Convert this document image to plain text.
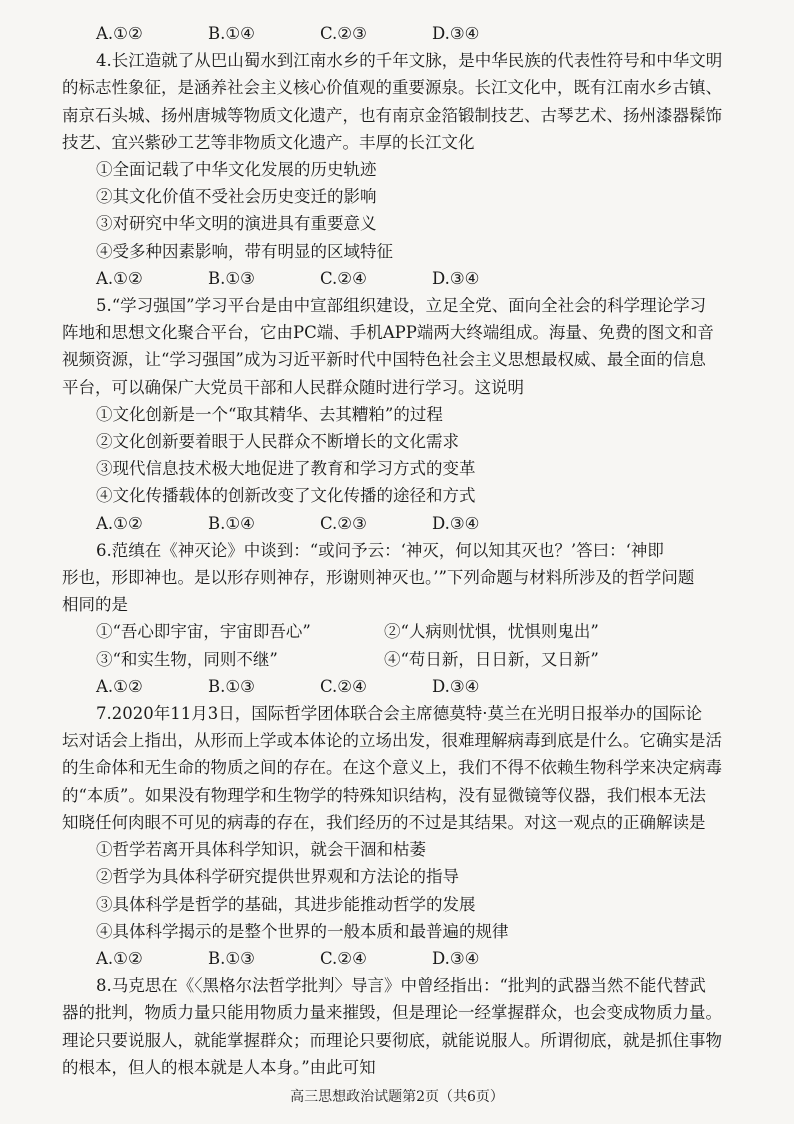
A.①②	B.①④	C.②③	D.③④
4.长江造就了从巴山蜀水到江南水乡的千年文脉，是中华民族的代表性符号和中华文明
的标志性象征，是涵养社会主义核心价值观的重要源泉。长江文化中，既有江南水乡古镇、
南京石头城、扬州唐城等物质文化遗产，也有南京金箔锻制技艺、古琴艺术、扬州漆器髹饰
技艺、宜兴紫砂工艺等非物质文化遗产。丰厚的长江文化
①全面记载了中华文化发展的历史轨迹
②其文化价值不受社会历史变迁的影响
③对研究中华文明的演进具有重要意义
④受多种因素影响，带有明显的区域特征
A.①②	B.①③	C.②④	D.③④
5.“学习强国”学习平台是由中宣部组织建设，立足全党、面向全社会的科学理论学习
阵地和思想文化聚合平台，它由PC端、手机APP端两大终端组成。海量、免费的图文和音
视频资源，让“学习强国”成为习近平新时代中国特色社会主义思想最权威、最全面的信息
平台，可以确保广大党员干部和人民群众随时进行学习。这说明
①文化创新是一个“取其精华、去其糟粕”的过程
②文化创新要着眼于人民群众不断增长的文化需求
③现代信息技术极大地促进了教育和学习方式的变革
④文化传播载体的创新改变了文化传播的途径和方式
A.①②	B.①④	C.②③	D.③④
6.范缜在《神灭论》中谈到：“或问予云：‘神灭，何以知其灭也？’答曰：‘神即
形也，形即神也。是以形存则神存，形谢则神灭也。’”下列命题与材料所涉及的哲学问题
相同的是
①“吾心即宇宙，宇宙即吾心”	②“人病则忧惧，忧惧则鬼出”
③“和实生物，同则不继”	④“苟日新，日日新，又日新”
A.①②	B.①③	C.②④	D.③④
7.2020年11月3日，国际哲学团体联合会主席德莫特·莫兰在光明日报举办的国际论
坛对话会上指出，从形而上学或本体论的立场出发，很难理解病毒到底是什么。它确实是活
的生命体和无生命的物质之间的存在。在这个意义上，我们不得不依赖生物科学来决定病毒
的“本质”。如果没有物理学和生物学的特殊知识结构，没有显微镜等仪器，我们根本无法
知晓任何肉眼不可见的病毒的存在，我们经历的不过是其结果。对这一观点的正确解读是
①哲学若离开具体科学知识，就会干涸和枯萎
②哲学为具体科学研究提供世界观和方法论的指导
③具体科学是哲学的基础，其进步能推动哲学的发展
④具体科学揭示的是整个世界的一般本质和最普遍的规律
A.①②	B.①③	C.②④	D.③④
8.马克思在《〈黑格尔法哲学批判〉导言》中曾经指出：“批判的武器当然不能代替武
器的批判，物质力量只能用物质力量来摧毁，但是理论一经掌握群众，也会变成物质力量。
理论只要说服人，就能掌握群众；而理论只要彻底，就能说服人。所谓彻底，就是抓住事物
的根本，但人的根本就是人本身。”由此可知
高三思想政治试题第2页（共6页）
